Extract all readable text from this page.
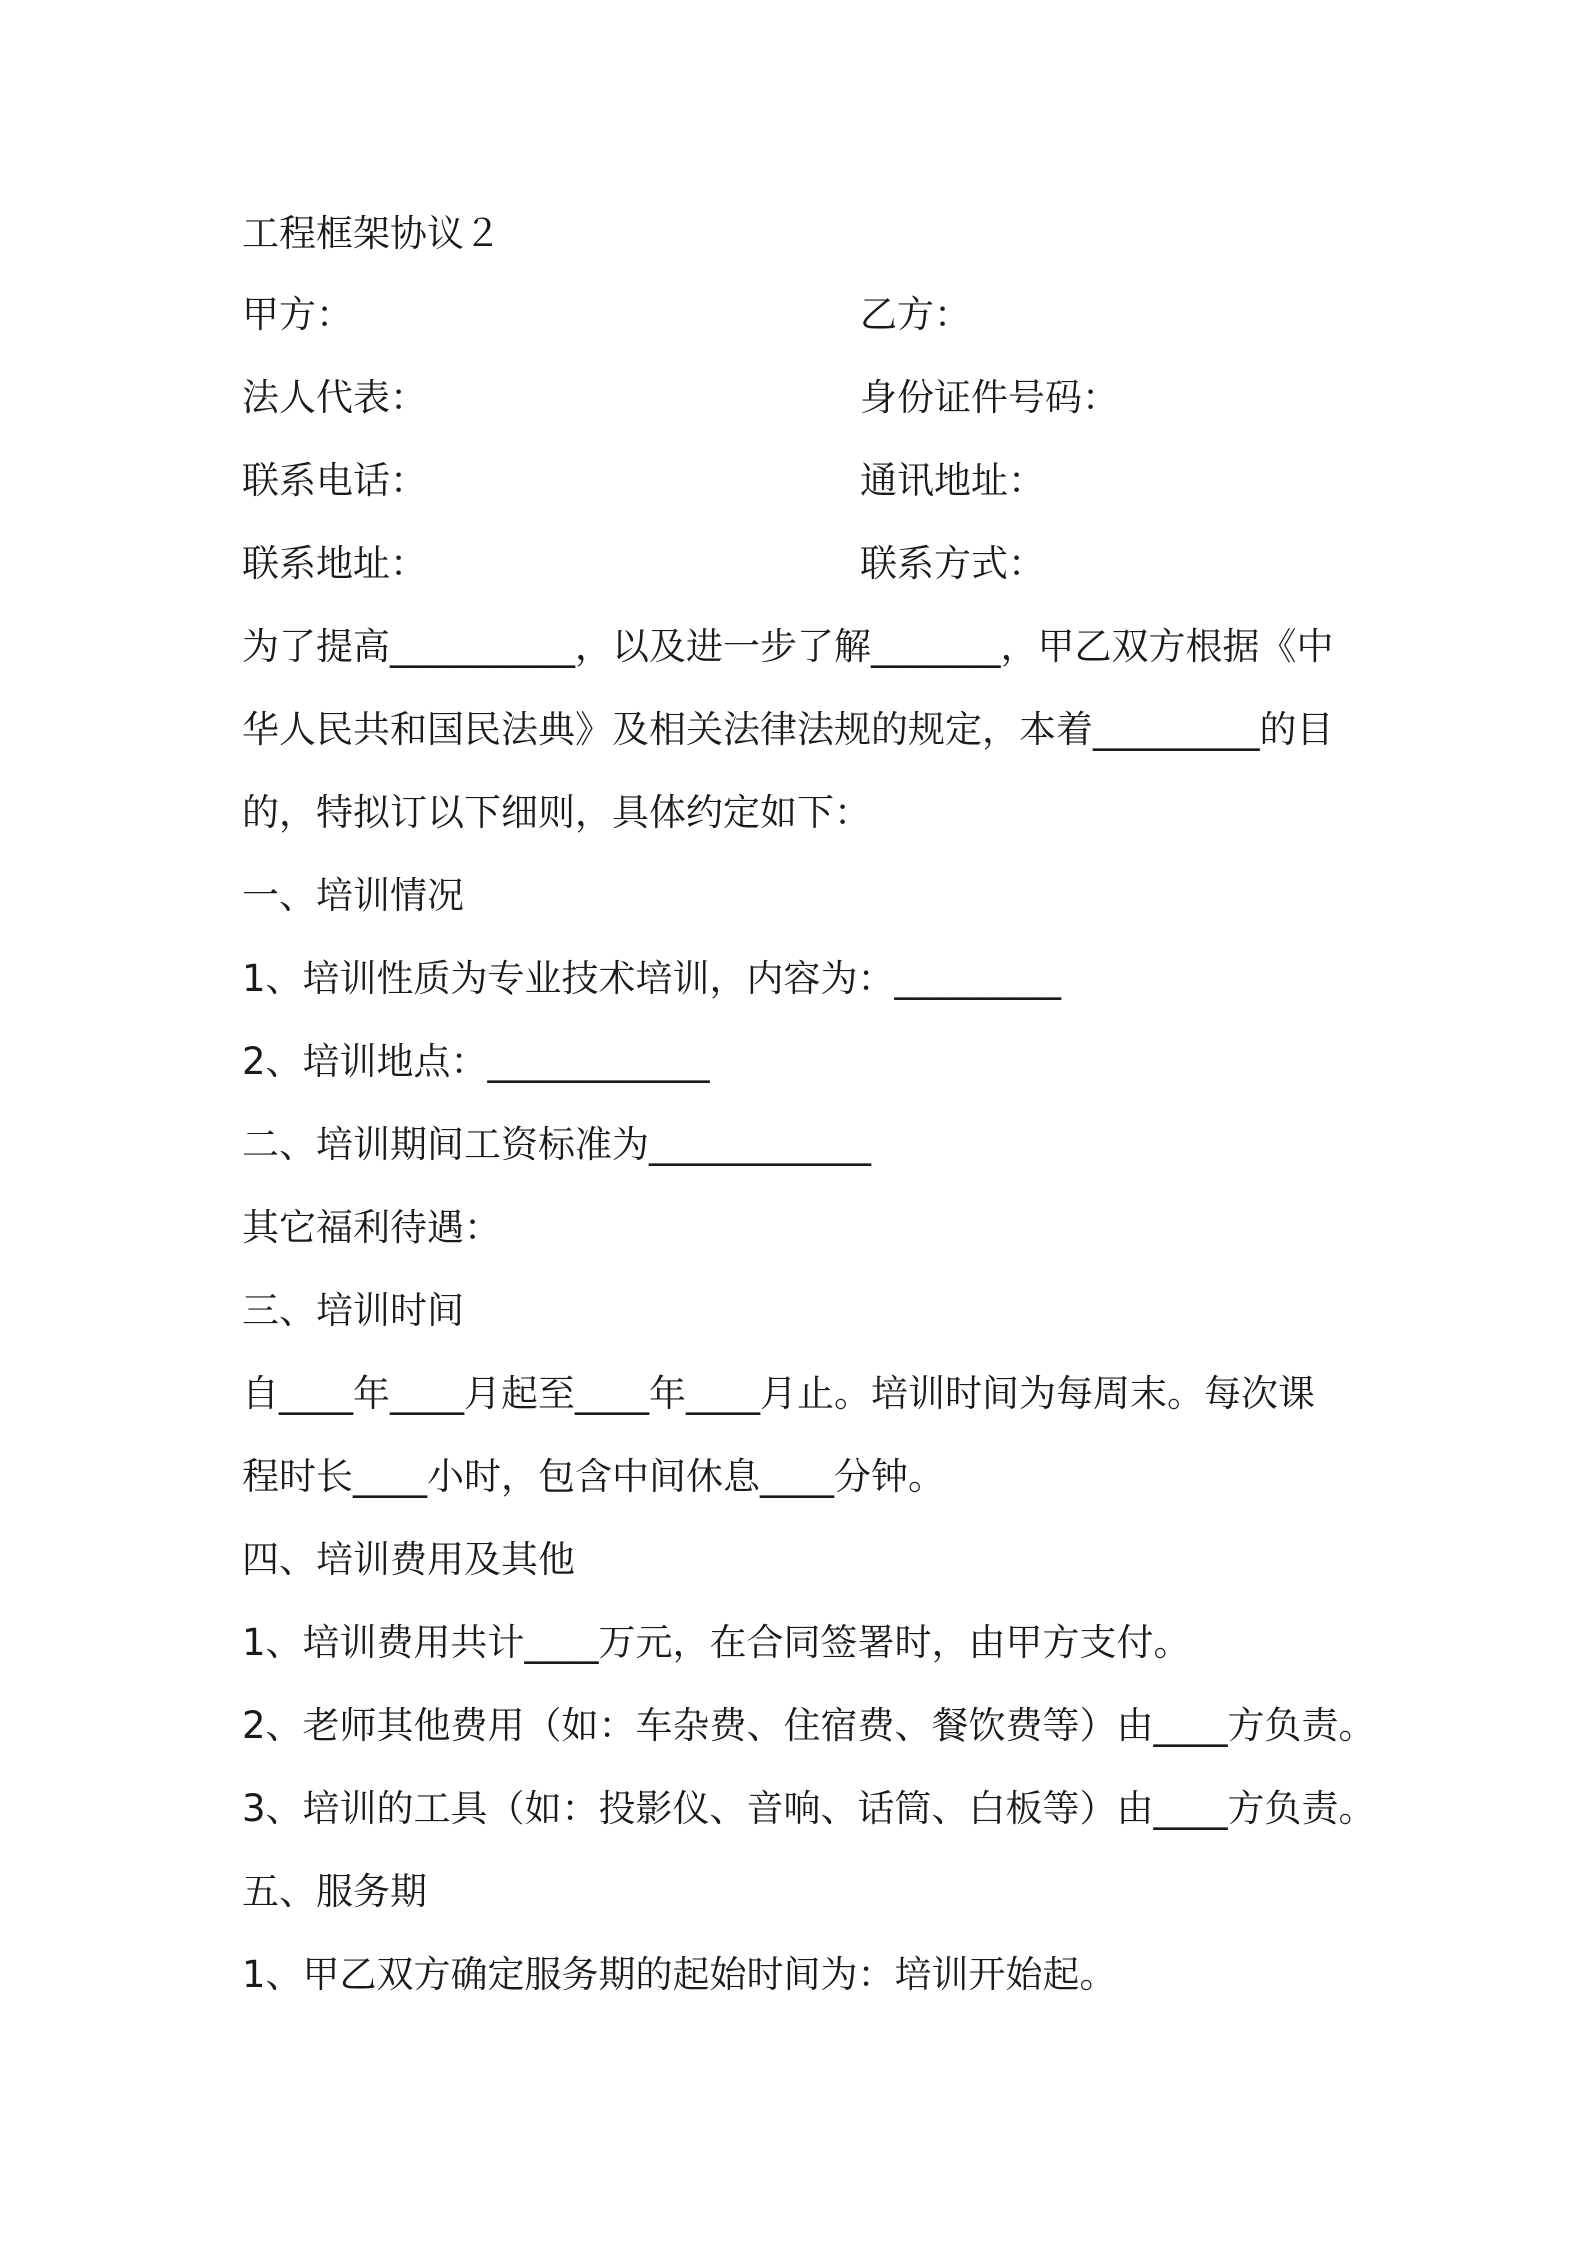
工程框架协议２

甲方：	乙方：
法人代表：	身份证件号码：
联系电话：	通讯地址：
联系地址：	联系方式：

为了提高__________，以及进一步了解_______，甲乙双方根据《中

华人民共和国民法典》及相关法律法规的规定，本着_________的目

的，特拟订以下细则，具体约定如下：

一、培训情况

1、培训性质为专业技术培训，内容为：_________

2、培训地点：____________

二、培训期间工资标准为____________

其它福利待遇：

三、培训时间

自____年____月起至____年____月止。培训时间为每周末。每次课

程时长____小时，包含中间休息____分钟。

四、培训费用及其他

1、培训费用共计____万元，在合同签署时，由甲方支付。

2、老师其他费用（如：车杂费、住宿费、餐饮费等）由____方负责。

3、培训的工具（如：投影仪、音响、话筒、白板等）由____方负责。

五、服务期

1、甲乙双方确定服务期的起始时间为：培训开始起。
